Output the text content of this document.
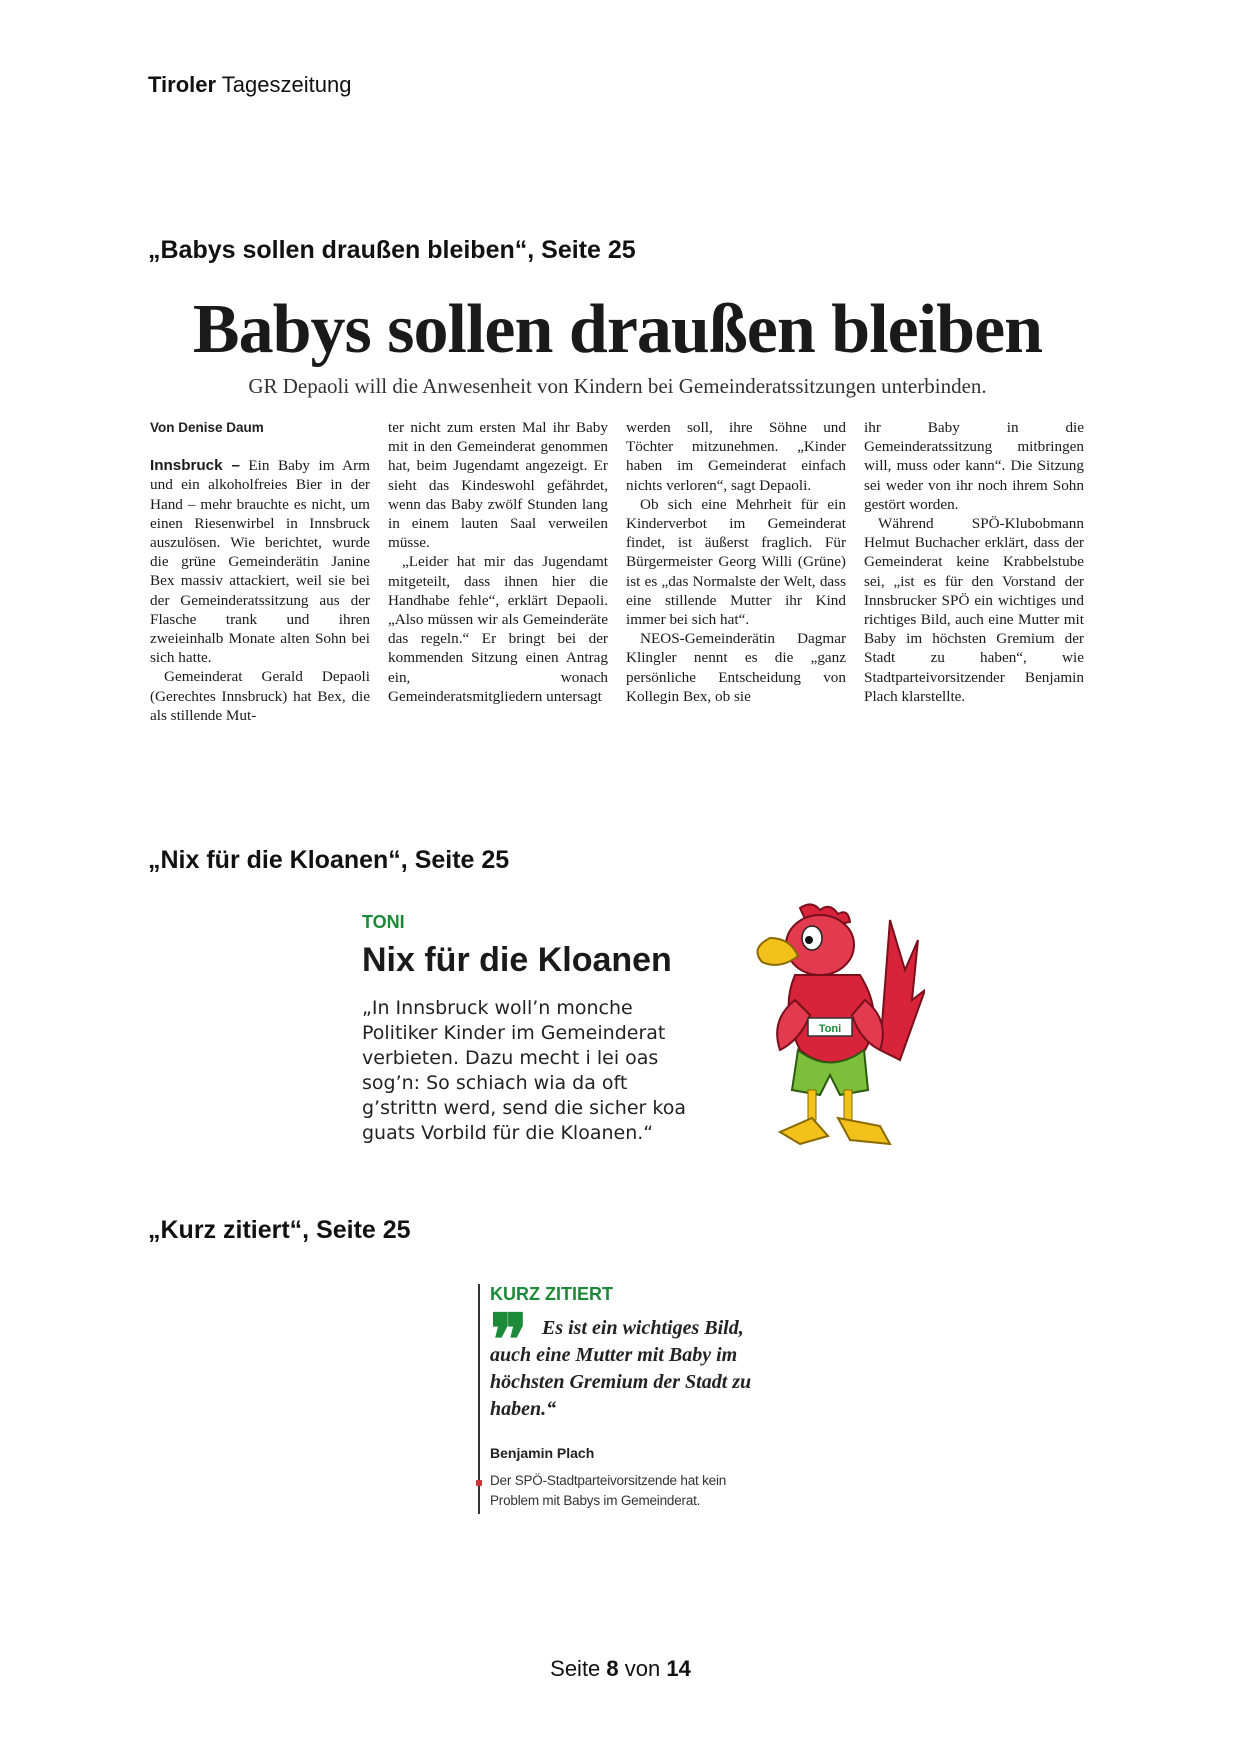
Tiroler Tageszeitung
„Babys sollen draußen bleiben“, Seite 25
Babys sollen draußen bleiben
GR Depaoli will die Anwesenheit von Kindern bei Gemeinderatssitzungen unterbinden.
Von Denise Daum

Innsbruck – Ein Baby im Arm und ein alkoholfreies Bier in der Hand – mehr brauchte es nicht, um einen Riesenwirbel in Innsbruck auszulösen. Wie berichtet, wurde die grüne Gemeinderätin Janine Bex massiv attackiert, weil sie bei der Gemeinderatssitzung aus der Flasche trank und ihren zweieinhalb Monate alten Sohn bei sich hatte.

Gemeinderat Gerald Depaoli (Gerechtes Innsbruck) hat Bex, die als stillende Mut-

ter nicht zum ersten Mal ihr Baby mit in den Gemeinderat genommen hat, beim Jugendamt angezeigt. Er sieht das Kindeswohl gefährdet, wenn das Baby zwölf Stunden lang in einem lauten Saal verweilen müsse.

„Leider hat mir das Jugendamt mitgeteilt, dass ihnen hier die Handhabe fehle“, erklärt Depaoli. „Also müssen wir als Gemeinderäte das regeln.“ Er bringt bei der kommenden Sitzung einen Antrag ein, wonach Gemeinderatsmitgliedern untersagt

werden soll, ihre Söhne und Töchter mitzunehmen. „Kinder haben im Gemeinderat einfach nichts verloren“, sagt Depaoli.

Ob sich eine Mehrheit für ein Kinderverbot im Gemeinderat findet, ist äußerst fraglich. Für Bürgermeister Georg Willi (Grüne) ist es „das Normalste der Welt, dass eine stillende Mutter ihr Kind immer bei sich hat“.

NEOS-Gemeinderätin Dagmar Klingler nennt es die „ganz persönliche Entscheidung von Kollegin Bex, ob sie

ihr Baby in die Gemeinderatssitzung mitbringen will, muss oder kann“. Die Sitzung sei weder von ihr noch ihrem Sohn gestört worden.

Während SPÖ-Klubobmann Helmut Buchacher erklärt, dass der Gemeinderat keine Krabbelstube sei, „ist es für den Vorstand der Innsbrucker SPÖ ein wichtiges und richtiges Bild, auch eine Mutter mit Baby im höchsten Gremium der Stadt zu haben“, wie Stadtparteivorsitzender Benjamin Plach klarstellte.

„Nix für die Kloanen“, Seite 25
TONI
Nix für die Kloanen
„In Innsbruck woll’n monche Politiker Kinder im Gemeinderat verbieten. Dazu mecht i lei oas sog’n: So schiach wia da oft g’strittn werd, send die sicher koa guats Vorbild für die Kloanen.“
Toni
„Kurz zitiert“, Seite 25
KURZ ZITIERT
❞ Es ist ein wichtiges Bild, auch eine Mutter mit Baby im höchsten Gremium der Stadt zu haben.“
Benjamin Plach
Der SPÖ-Stadtparteivorsitzende hat kein Problem mit Babys im Gemeinderat.
Seite 8 von 14
